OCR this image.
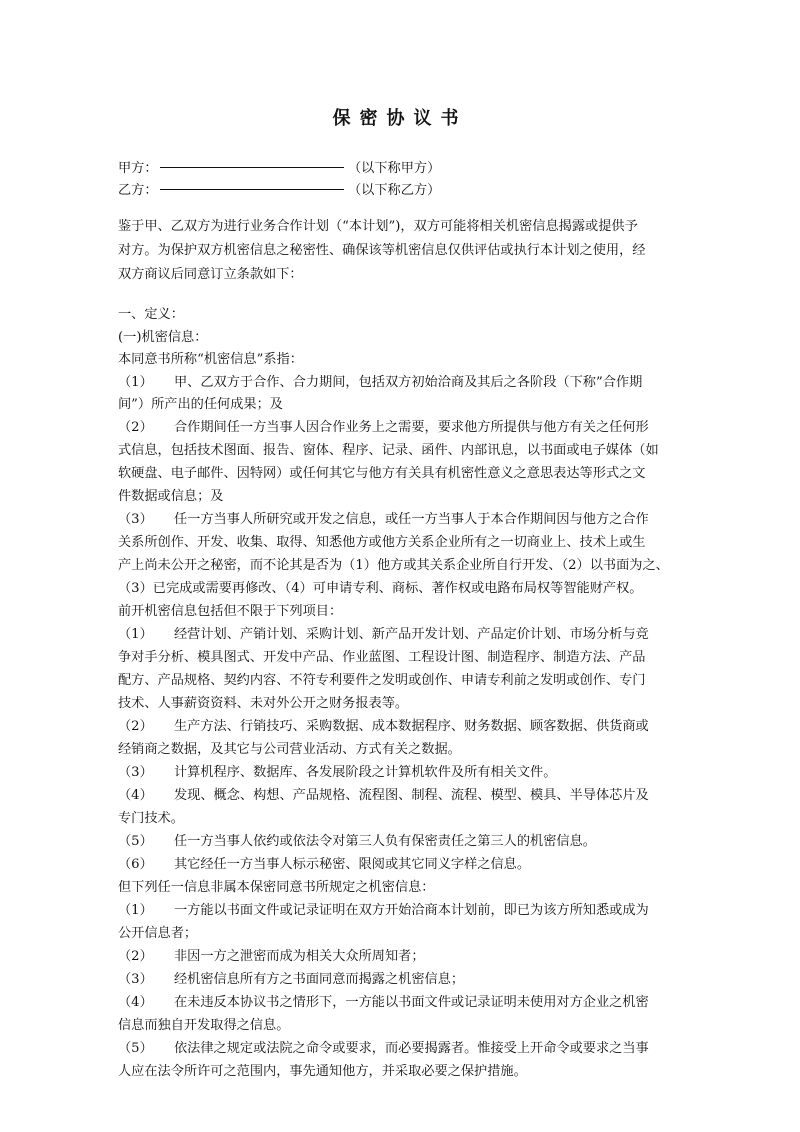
保密协议书
甲方：	（以下称甲方）
乙方：	（以下称乙方）
鉴于甲、乙双方为进行业务合作计划（“本计划”)，双方可能将相关机密信息揭露或提供予
对方。为保护双方机密信息之秘密性、确保该等机密信息仅供评估或执行本计划之使用，经
双方商议后同意订立条款如下：
一、定义：
(一)机密信息：
本同意书所称“机密信息”系指：
（1） 甲、乙双方于合作、合力期间，包括双方初始洽商及其后之各阶段（下称”合作期
间”）所产出的任何成果；及
（2） 合作期间任一方当事人因合作业务上之需要，要求他方所提供与他方有关之任何形
式信息，包括技术图面、报告、窗体、程序、记录、函件、内部讯息，以书面或电子媒体（如
软硬盘、电子邮件、因特网）或任何其它与他方有关具有机密性意义之意思表达等形式之文
件数据或信息；及
（3） 任一方当事人所研究或开发之信息，或任一方当事人于本合作期间因与他方之合作
关系所创作、开发、收集、取得、知悉他方或他方关系企业所有之一切商业上、技术上或生
产上尚未公开之秘密，而不论其是否为（1）他方或其关系企业所自行开发、（2）以书面为之、
（3）已完成或需要再修改、（4）可申请专利、商标、著作权或电路布局权等智能财产权。
前开机密信息包括但不限于下列项目：
（1） 经营计划、产销计划、采购计划、新产品开发计划、产品定价计划、市场分析与竞
争对手分析、模具图式、开发中产品、作业蓝图、工程设计图、制造程序、制造方法、产品
配方、产品规格、契约内容、不符专利要件之发明或创作、申请专利前之发明或创作、专门
技术、人事薪资资料、未对外公开之财务报表等。
（2） 生产方法、行销技巧、采购数据、成本数据程序、财务数据、顾客数据、供货商或
经销商之数据，及其它与公司营业活动、方式有关之数据。
（3） 计算机程序、数据库、各发展阶段之计算机软件及所有相关文件。
（4） 发现、概念、构想、产品规格、流程图、制程、流程、模型、模具、半导体芯片及
专门技术。
（5） 任一方当事人依约或依法令对第三人负有保密责任之第三人的机密信息。
（6） 其它经任一方当事人标示秘密、限阅或其它同义字样之信息。
但下列任一信息非属本保密同意书所规定之机密信息：
（1） 一方能以书面文件或记录证明在双方开始洽商本计划前，即已为该方所知悉或成为
公开信息者；
（2） 非因一方之泄密而成为相关大众所周知者；
（3） 经机密信息所有方之书面同意而揭露之机密信息；
（4） 在未违反本协议书之情形下，一方能以书面文件或记录证明未使用对方企业之机密
信息而独自开发取得之信息。
（5） 依法律之规定或法院之命令或要求，而必要揭露者。惟接受上开命令或要求之当事
人应在法令所许可之范围内，事先通知他方，并采取必要之保护措施。
